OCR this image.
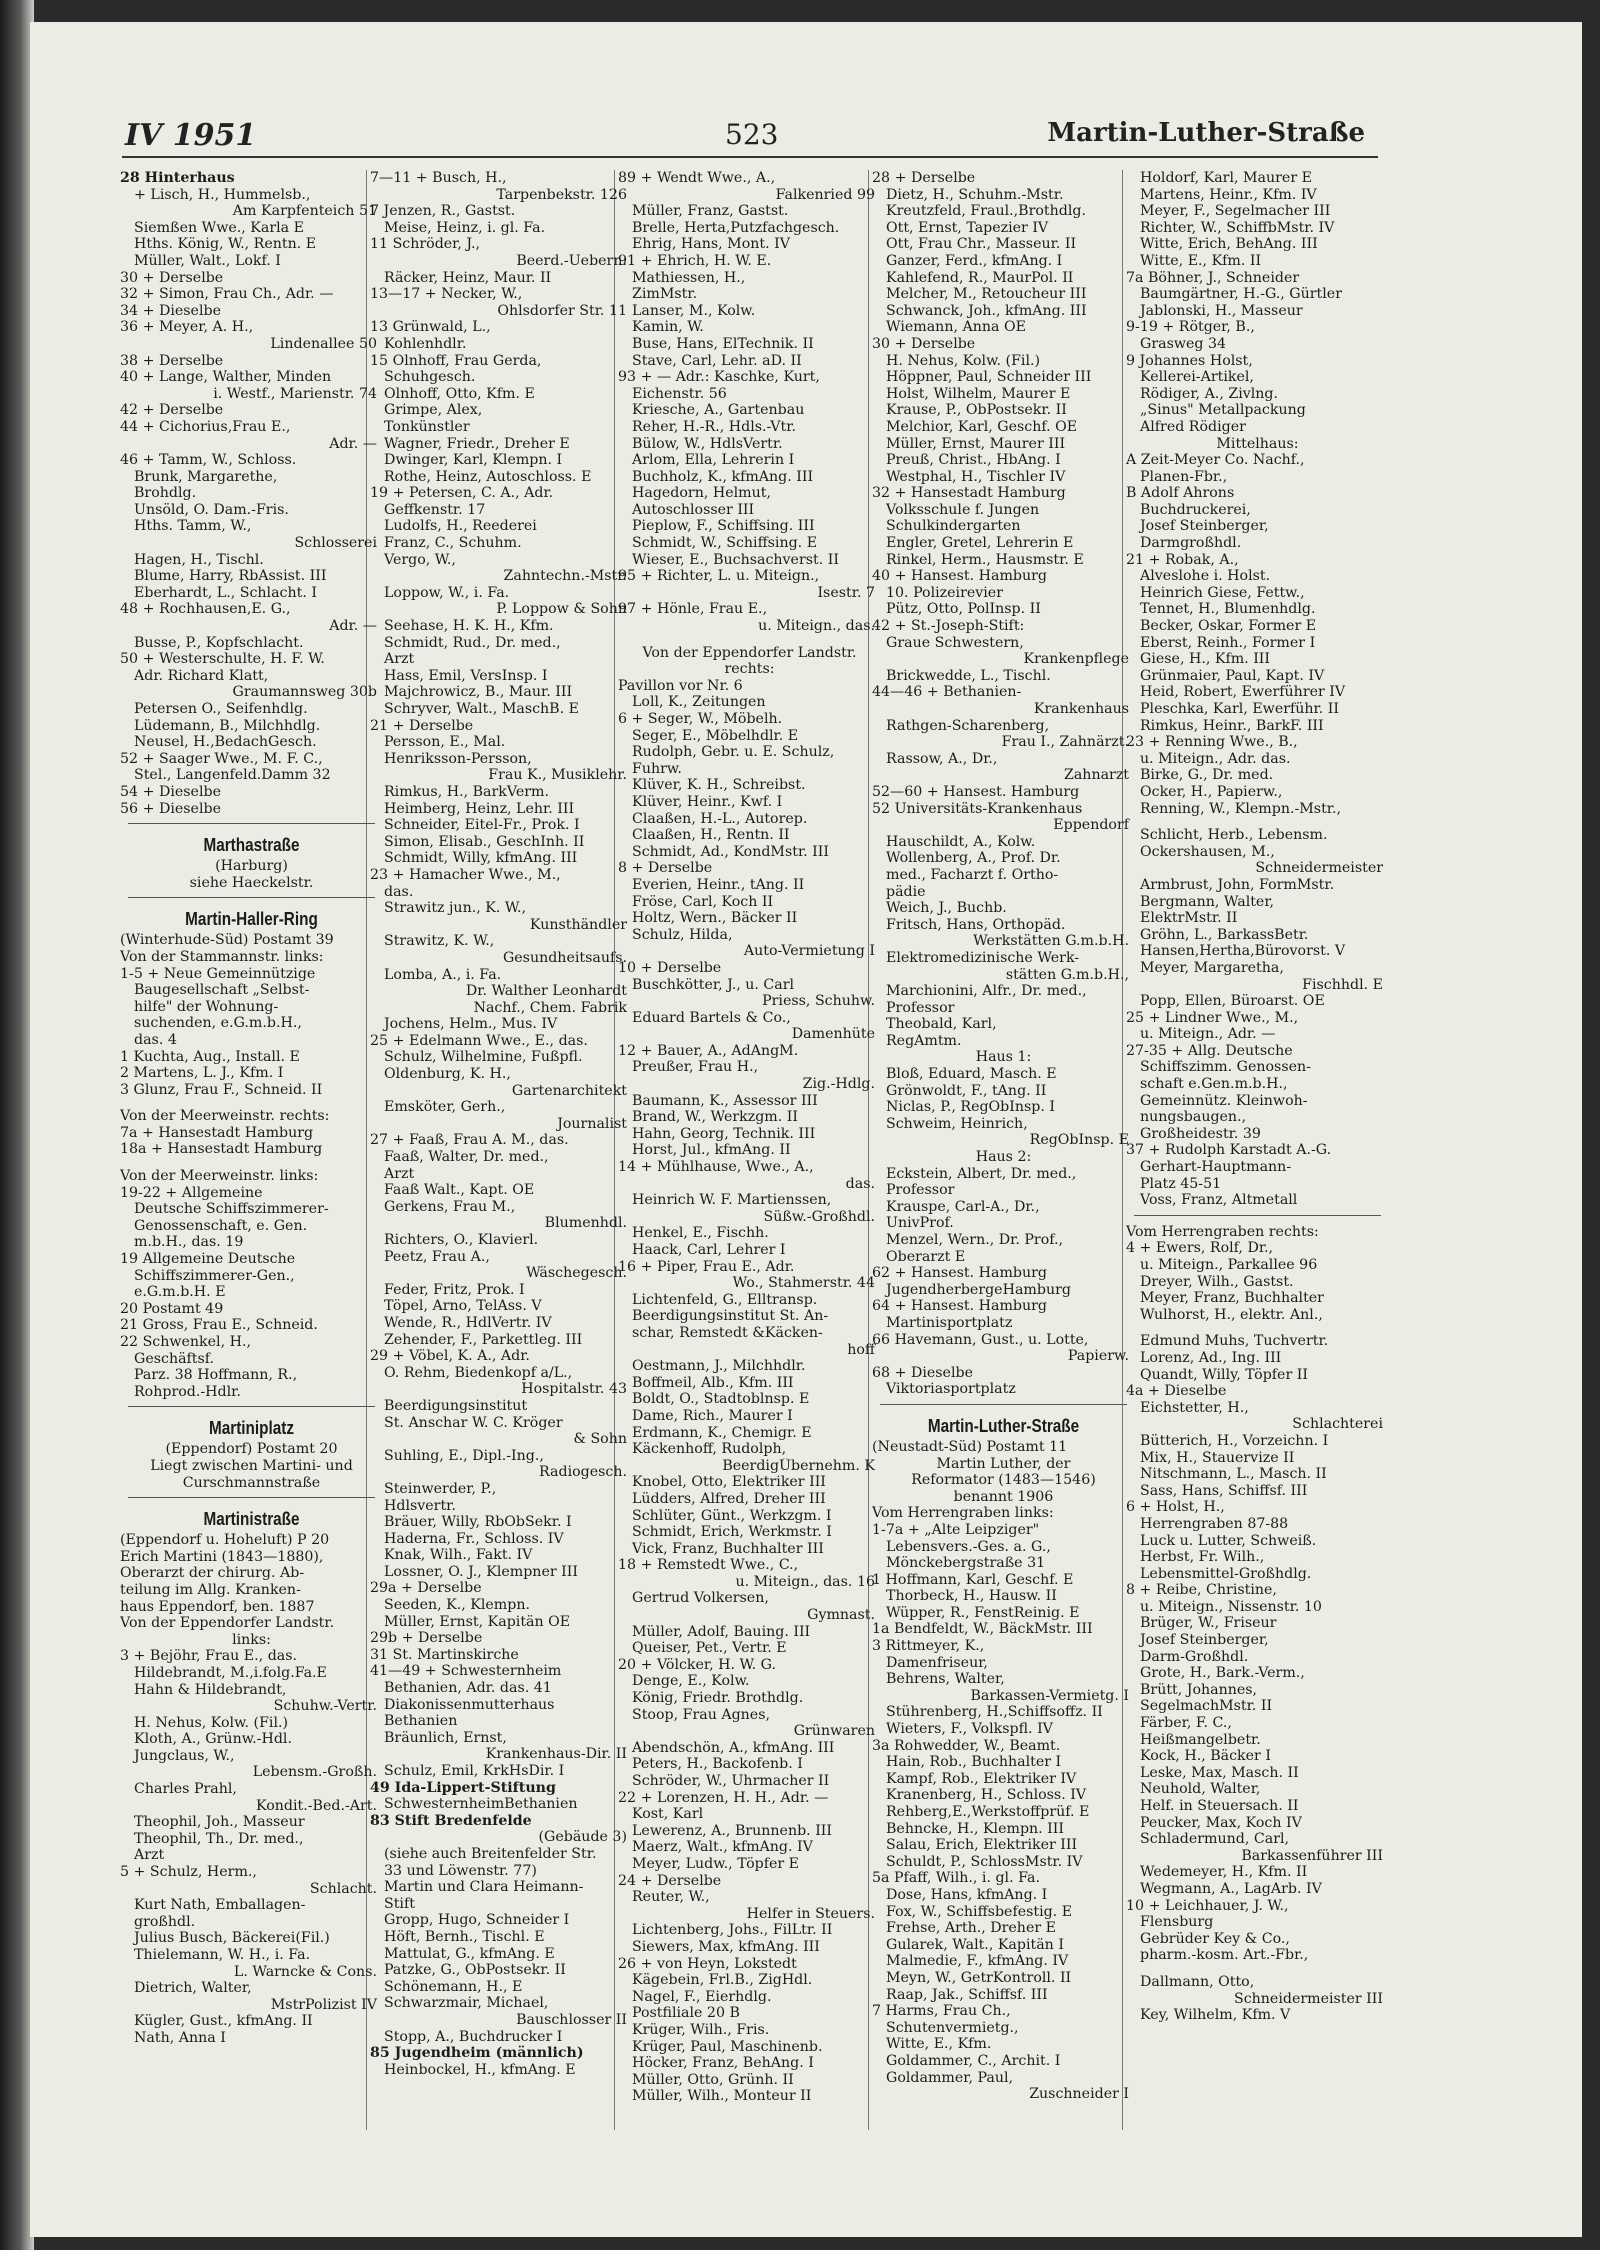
IV 1951	523	Martin-Luther-Straße
28 Hinterhaus
+ Lisch, H., Hummelsb.,
Am Karpfenteich 51
Siemßen Wwe., Karla E
Hths. König, W., Rentn. E
Müller, Walt., Lokf. I
30 + Derselbe
32 + Simon, Frau Ch., Adr. —
34 + Dieselbe
36 + Meyer, A. H.,
Lindenallee 50
38 + Derselbe
40 + Lange, Walther, Minden
i. Westf., Marienstr. 74
42 + Derselbe
44 + Cichorius,Frau E.,
Adr. —
46 + Tamm, W., Schloss.
Brunk, Margarethe,
Brohdlg.
Unsöld, O. Dam.-Fris.
Hths. Tamm, W.,
Schlosserei
Hagen, H., Tischl.
Blume, Harry, RbAssist. III
Eberhardt, L., Schlacht. I
48 + Rochhausen,E. G.,
Adr. —
Busse, P., Kopfschlacht.
50 + Westerschulte, H. F. W.
Adr. Richard Klatt,
Graumannsweg 30b
Petersen O., Seifenhdlg.
Lüdemann, B., Milchhdlg.
Neusel, H.,BedachGesch.
52 + Saager Wwe., M. F. C.,
Stel., Langenfeld.Damm 32
54 + Dieselbe
56 + Dieselbe
Marthastraße
(Harburg)
siehe Haeckelstr.
Martin-Haller-Ring
(Winterhude-Süd) Postamt 39
Von der Stammannstr. links:
1-5 + Neue Gemeinnützige
Baugesellschaft „Selbst-
hilfe" der Wohnung-
suchenden, e.G.m.b.H.,
das. 4
1 Kuchta, Aug., Install. E
2 Martens, L. J., Kfm. I
3 Glunz, Frau F., Schneid. II
Von der Meerweinstr. rechts:
7a + Hansestadt Hamburg
18a + Hansestadt Hamburg
Von der Meerweinstr. links:
19-22 + Allgemeine
Deutsche Schiffszimmerer-
Genossenschaft, e. Gen.
m.b.H., das. 19
19 Allgemeine Deutsche
Schiffszimmerer-Gen.,
e.G.m.b.H. E
20 Postamt 49
21 Gross, Frau E., Schneid.
22 Schwenkel, H.,
Geschäftsf.
Parz. 38 Hoffmann, R.,
Rohprod.-Hdlr.
Martiniplatz
(Eppendorf) Postamt 20
Liegt zwischen Martini- und
Curschmannstraße
Martinistraße
(Eppendorf u. Hoheluft) P 20
Erich Martini (1843—1880),
Oberarzt der chirurg. Ab-
teilung im Allg. Kranken-
haus Eppendorf, ben. 1887
Von der Eppendorfer Landstr.
links:
3 + Bejöhr, Frau E., das.
Hildebrandt, M.,i.folg.Fa.E
Hahn & Hildebrandt,
Schuhw.-Vertr.
H. Nehus, Kolw. (Fil.)
Kloth, A., Grünw.-Hdl.
Jungclaus, W.,
Lebensm.-Großh.
Charles Prahl,
Kondit.-Bed.-Art.
Theophil, Joh., Masseur
Theophil, Th., Dr. med.,
Arzt
5 + Schulz, Herm.,
Schlacht.
Kurt Nath, Emballagen-
großhdl.
Julius Busch, Bäckerei(Fil.)
Thielemann, W. H., i. Fa.
L. Warncke & Cons.
Dietrich, Walter,
MstrPolizist IV
Kügler, Gust., kfmAng. II
Nath, Anna I
7—11 + Busch, H.,
Tarpenbekstr. 126
7 Jenzen, R., Gastst.
Meise, Heinz, i. gl. Fa.
11 Schröder, J.,
Beerd.-Uebern.
Räcker, Heinz, Maur. II
13—17 + Necker, W.,
Ohlsdorfer Str. 11
13 Grünwald, L.,
Kohlenhdlr.
15 Olnhoff, Frau Gerda,
Schuhgesch.
Olnhoff, Otto, Kfm. E
Grimpe, Alex,
Tonkünstler
Wagner, Friedr., Dreher E
Dwinger, Karl, Klempn. I
Rothe, Heinz, Autoschloss. E
19 + Petersen, C. A., Adr.
Geffkenstr. 17
Ludolfs, H., Reederei
Franz, C., Schuhm.
Vergo, W.,
Zahntechn.-Mstr.
Loppow, W., i. Fa.
P. Loppow & Sohn
Seehase, H. K. H., Kfm.
Schmidt, Rud., Dr. med.,
Arzt
Hass, Emil, VersInsp. I
Majchrowicz, B., Maur. III
Schryver, Walt., MaschB. E
21 + Derselbe
Persson, E., Mal.
Henriksson-Persson,
Frau K., Musiklehr.
Rimkus, H., BarkVerm.
Heimberg, Heinz, Lehr. III
Schneider, Eitel-Fr., Prok. I
Simon, Elisab., GeschInh. II
Schmidt, Willy, kfmAng. III
23 + Hamacher Wwe., M.,
das.
Strawitz jun., K. W.,
Kunsthändler
Strawitz, K. W.,
Gesundheitsaufs.
Lomba, A., i. Fa.
Dr. Walther Leonhardt
Nachf., Chem. Fabrik
Jochens, Helm., Mus. IV
25 + Edelmann Wwe., E., das.
Schulz, Wilhelmine, Fußpfl.
Oldenburg, K. H.,
Gartenarchitekt
Emsköter, Gerh.,
Journalist
27 + Faaß, Frau A. M., das.
Faaß, Walter, Dr. med.,
Arzt
Faaß Walt., Kapt. OE
Gerkens, Frau M.,
Blumenhdl.
Richters, O., Klavierl.
Peetz, Frau A.,
Wäschegesch.
Feder, Fritz, Prok. I
Töpel, Arno, TelAss. V
Wende, R., HdlVertr. IV
Zehender, F., Parkettleg. III
29 + Vöbel, K. A., Adr.
O. Rehm, Biedenkopf a/L.,
Hospitalstr. 43
Beerdigungsinstitut
St. Anschar W. C. Kröger
& Sohn
Suhling, E., Dipl.-Ing.,
Radiogesch.
Steinwerder, P.,
Hdlsvertr.
Bräuer, Willy, RbObSekr. I
Haderna, Fr., Schloss. IV
Knak, Wilh., Fakt. IV
Lossner, O. J., Klempner III
29a + Derselbe
Seeden, K., Klempn.
Müller, Ernst, Kapitän OE
29b + Derselbe
31 St. Martinskirche
41—49 + Schwesternheim
Bethanien, Adr. das. 41
Diakonissenmutterhaus
Bethanien
Bräunlich, Ernst,
Krankenhaus-Dir. II
Schulz, Emil, KrkHsDir. I
49 Ida-Lippert-Stiftung
SchwesternheimBethanien
83 Stift Bredenfelde
(Gebäude 3)
(siehe auch Breitenfelder Str.
33 und Löwenstr. 77)
Martin und Clara Heimann-
Stift
Gropp, Hugo, Schneider I
Höft, Bernh., Tischl. E
Mattulat, G., kfmAng. E
Patzke, G., ObPostsekr. II
Schönemann, H., E
Schwarzmair, Michael,
Bauschlosser II
Stopp, A., Buchdrucker I
85 Jugendheim (männlich)
Heinbockel, H., kfmAng. E
89 + Wendt Wwe., A.,
Falkenried 99
Müller, Franz, Gastst.
Brelle, Herta,Putzfachgesch.
Ehrig, Hans, Mont. IV
91 + Ehrich, H. W. E.
Mathiessen, H.,
ZimMstr.
Lanser, M., Kolw.
Kamin, W.
Buse, Hans, ElTechnik. II
Stave, Carl, Lehr. aD. II
93 + — Adr.: Kaschke, Kurt,
Eichenstr. 56
Kriesche, A., Gartenbau
Reher, H.-R., Hdls.-Vtr.
Bülow, W., HdlsVertr.
Arlom, Ella, Lehrerin I
Buchholz, K., kfmAng. III
Hagedorn, Helmut,
Autoschlosser III
Pieplow, F., Schiffsing. III
Schmidt, W., Schiffsing. E
Wieser, E., Buchsachverst. II
95 + Richter, L. u. Miteign.,
Isestr. 7
97 + Hönle, Frau E.,
u. Miteign., das.
Von der Eppendorfer Landstr.
rechts:
Pavillon vor Nr. 6
Loll, K., Zeitungen
6 + Seger, W., Möbelh.
Seger, E., Möbelhdlr. E
Rudolph, Gebr. u. E. Schulz,
Fuhrw.
Klüver, K. H., Schreibst.
Klüver, Heinr., Kwf. I
Claaßen, H.-L., Autorep.
Claaßen, H., Rentn. II
Schmidt, Ad., KondMstr. III
8 + Derselbe
Everien, Heinr., tAng. II
Fröse, Carl, Koch II
Holtz, Wern., Bäcker II
Schulz, Hilda,
Auto-Vermietung I
10 + Derselbe
Buschkötter, J., u. Carl
Priess, Schuhw.
Eduard Bartels & Co.,
Damenhüte
12 + Bauer, A., AdAngM.
Preußer, Frau H.,
Zig.-Hdlg.
Baumann, K., Assessor III
Brand, W., Werkzgm. II
Hahn, Georg, Technik. III
Horst, Jul., kfmAng. II
14 + Mühlhause, Wwe., A.,
das.
Heinrich W. F. Martienssen,
Süßw.-Großhdl.
Henkel, E., Fischh.
Haack, Carl, Lehrer I
16 + Piper, Frau E., Adr.
Wo., Stahmerstr. 44
Lichtenfeld, G., Elltransp.
Beerdigungsinstitut St. An-
schar, Remstedt &Käcken-
hoff
Oestmann, J., Milchhdlr.
Boffmeil, Alb., Kfm. III
Boldt, O., Stadtoblnsp. E
Dame, Rich., Maurer I
Erdmann, K., Chemigr. E
Käckenhoff, Rudolph,
BeerdigÜbernehm. K
Knobel, Otto, Elektriker III
Lüdders, Alfred, Dreher III
Schlüter, Günt., Werkzgm. I
Schmidt, Erich, Werkmstr. I
Vick, Franz, Buchhalter III
18 + Remstedt Wwe., C.,
u. Miteign., das. 16
Gertrud Volkersen,
Gymnast.
Müller, Adolf, Bauing. III
Queiser, Pet., Vertr. E
20 + Völcker, H. W. G.
Denge, E., Kolw.
König, Friedr. Brothdlg.
Stoop, Frau Agnes,
Grünwaren
Abendschön, A., kfmAng. III
Peters, H., Backofenb. I
Schröder, W., Uhrmacher II
22 + Lorenzen, H. H., Adr. —
Kost, Karl
Lewerenz, A., Brunnenb. III
Maerz, Walt., kfmAng. IV
Meyer, Ludw., Töpfer E
24 + Derselbe
Reuter, W.,
Helfer in Steuers.
Lichtenberg, Johs., FilLtr. II
Siewers, Max, kfmAng. III
26 + von Heyn, Lokstedt
Kägebein, Frl.B., ZigHdl.
Nagel, F., Eierhdlg.
Postfiliale 20 B
Krüger, Wilh., Fris.
Krüger, Paul, Maschinenb.
Höcker, Franz, BehAng. I
Müller, Otto, Grünh. II
Müller, Wilh., Monteur II
28 + Derselbe
Dietz, H., Schuhm.-Mstr.
Kreutzfeld, Fraul.,Brothdlg.
Ott, Ernst, Tapezier IV
Ott, Frau Chr., Masseur. II
Ganzer, Ferd., kfmAng. I
Kahlefend, R., MaurPol. II
Melcher, M., Retoucheur III
Schwanck, Joh., kfmAng. III
Wiemann, Anna OE
30 + Derselbe
H. Nehus, Kolw. (Fil.)
Höppner, Paul, Schneider III
Holst, Wilhelm, Maurer E
Krause, P., ObPostsekr. II
Melchior, Karl, Geschf. OE
Müller, Ernst, Maurer III
Preuß, Christ., HbAng. I
Westphal, H., Tischler IV
32 + Hansestadt Hamburg
Volksschule f. Jungen
Schulkindergarten
Engler, Gretel, Lehrerin E
Rinkel, Herm., Hausmstr. E
40 + Hansest. Hamburg
10. Polizeirevier
Pütz, Otto, PolInsp. II
42 + St.-Joseph-Stift:
Graue Schwestern,
Krankenpflege
Brickwedde, L., Tischl.
44—46 + Bethanien-
Krankenhaus
Rathgen-Scharenberg,
Frau I., Zahnärzt.
Rassow, A., Dr.,
Zahnarzt
52—60 + Hansest. Hamburg
52 Universitäts-Krankenhaus
Eppendorf
Hauschildt, A., Kolw.
Wollenberg, A., Prof. Dr.
med., Facharzt f. Ortho-
pädie
Weich, J., Buchb.
Fritsch, Hans, Orthopäd.
Werkstätten G.m.b.H.
Elektromedizinische Werk-
stätten G.m.b.H.,
Marchionini, Alfr., Dr. med.,
Professor
Theobald, Karl,
RegAmtm.
Haus 1:
Bloß, Eduard, Masch. E
Grönwoldt, F., tAng. II
Niclas, P., RegObInsp. I
Schweim, Heinrich,
RegObInsp. E
Haus 2:
Eckstein, Albert, Dr. med.,
Professor
Krauspe, Carl-A., Dr.,
UnivProf.
Menzel, Wern., Dr. Prof.,
Oberarzt E
62 + Hansest. Hamburg
JugendherbergeHamburg
64 + Hansest. Hamburg
Martinisportplatz
66 Havemann, Gust., u. Lotte,
Papierw.
68 + Dieselbe
Viktoriasportplatz
Martin-Luther-Straße
(Neustadt-Süd) Postamt 11
Martin Luther, der
Reformator (1483—1546)
benannt 1906
Vom Herrengraben links:
1-7a + „Alte Leipziger"
Lebensvers.-Ges. a. G.,
Mönckebergstraße 31
1 Hoffmann, Karl, Geschf. E
Thorbeck, H., Hausw. II
Wüpper, R., FenstReinig. E
1a Bendfeldt, W., BäckMstr. III
3 Rittmeyer, K.,
Damenfriseur,
Behrens, Walter,
Barkassen-Vermietg. I
Stührenberg, H.,Schiffsoffz. II
Wieters, F., Volkspfl. IV
3a Rohwedder, W., Beamt.
Hain, Rob., Buchhalter I
Kampf, Rob., Elektriker IV
Kranenberg, H., Schloss. IV
Rehberg,E.,Werkstoffprüf. E
Behncke, H., Klempn. III
Salau, Erich, Elektriker III
Schuldt, P., SchlossMstr. IV
5a Pfaff, Wilh., i. gl. Fa.
Dose, Hans, kfmAng. I
Fox, W., Schiffsbefestig. E
Frehse, Arth., Dreher E
Gularek, Walt., Kapitän I
Malmedie, F., kfmAng. IV
Meyn, W., GetrKontroll. II
Raap, Jak., Schiffsf. III
7 Harms, Frau Ch.,
Schutenvermietg.,
Witte, E., Kfm.
Goldammer, C., Archit. I
Goldammer, Paul,
Zuschneider I
Holdorf, Karl, Maurer E
Martens, Heinr., Kfm. IV
Meyer, F., Segelmacher III
Richter, W., SchiffbMstr. IV
Witte, Erich, BehAng. III
Witte, E., Kfm. II
7a Böhner, J., Schneider
Baumgärtner, H.-G., Gürtler
Jablonski, H., Masseur
9-19 + Rötger, B.,
Grasweg 34
9 Johannes Holst,
Kellerei-Artikel,
Rödiger, A., Zivlng.
„Sinus" Metallpackung
Alfred Rödiger
Mittelhaus:
A Zeit-Meyer Co. Nachf.,
Planen-Fbr.,
B Adolf Ahrons
Buchdruckerei,
Josef Steinberger,
Darmgroßhdl.
21 + Robak, A.,
Alveslohe i. Holst.
Heinrich Giese, Fettw.,
Tennet, H., Blumenhdlg.
Becker, Oskar, Former E
Eberst, Reinh., Former I
Giese, H., Kfm. III
Grünmaier, Paul, Kapt. IV
Heid, Robert, Ewerführer IV
Pleschka, Karl, Ewerführ. II
Rimkus, Heinr., BarkF. III
23 + Renning Wwe., B.,
u. Miteign., Adr. das.
Birke, G., Dr. med.
Ocker, H., Papierw.,
Renning, W., Klempn.-Mstr.,
Schlicht, Herb., Lebensm.
Ockershausen, M.,
Schneidermeister
Armbrust, John, FormMstr.
Bergmann, Walter,
ElektrMstr. II
Gröhn, L., BarkassBetr.
Hansen,Hertha,Bürovorst. V
Meyer, Margaretha,
Fischhdl. E
Popp, Ellen, Büroarst. OE
25 + Lindner Wwe., M.,
u. Miteign., Adr. —
27-35 + Allg. Deutsche
Schiffszimm. Genossen-
schaft e.Gen.m.b.H.,
Gemeinnütz. Kleinwoh-
nungsbaugen.,
Großheidestr. 39
37 + Rudolph Karstadt A.-G.
Gerhart-Hauptmann-
Platz 45-51
Voss, Franz, Altmetall
Vom Herrengraben rechts:
4 + Ewers, Rolf, Dr.,
u. Miteign., Parkallee 96
Dreyer, Wilh., Gastst.
Meyer, Franz, Buchhalter
Wulhorst, H., elektr. Anl.,
Edmund Muhs, Tuchvertr.
Lorenz, Ad., Ing. III
Quandt, Willy, Töpfer II
4a + Dieselbe
Eichstetter, H.,
Schlachterei
Bütterich, H., Vorzeichn. I
Mix, H., Stauervize II
Nitschmann, L., Masch. II
Sass, Hans, Schiffsf. III
6 + Holst, H.,
Herrengraben 87-88
Luck u. Lutter, Schweiß.
Herbst, Fr. Wilh.,
Lebensmittel-Großhdlg.
8 + Reibe, Christine,
u. Miteign., Nissenstr. 10
Brüger, W., Friseur
Josef Steinberger,
Darm-Großhdl.
Grote, H., Bark.-Verm.,
Brütt, Johannes,
SegelmachMstr. II
Färber, F. C.,
Heißmangelbetr.
Kock, H., Bäcker I
Leske, Max, Masch. II
Neuhold, Walter,
Helf. in Steuersach. II
Peucker, Max, Koch IV
Schladermund, Carl,
Barkassenführer III
Wedemeyer, H., Kfm. II
Wegmann, A., LagArb. IV
10 + Leichhauer, J. W.,
Flensburg
Gebrüder Key & Co.,
pharm.-kosm. Art.-Fbr.,
Dallmann, Otto,
Schneidermeister III
Key, Wilhelm, Kfm. V
